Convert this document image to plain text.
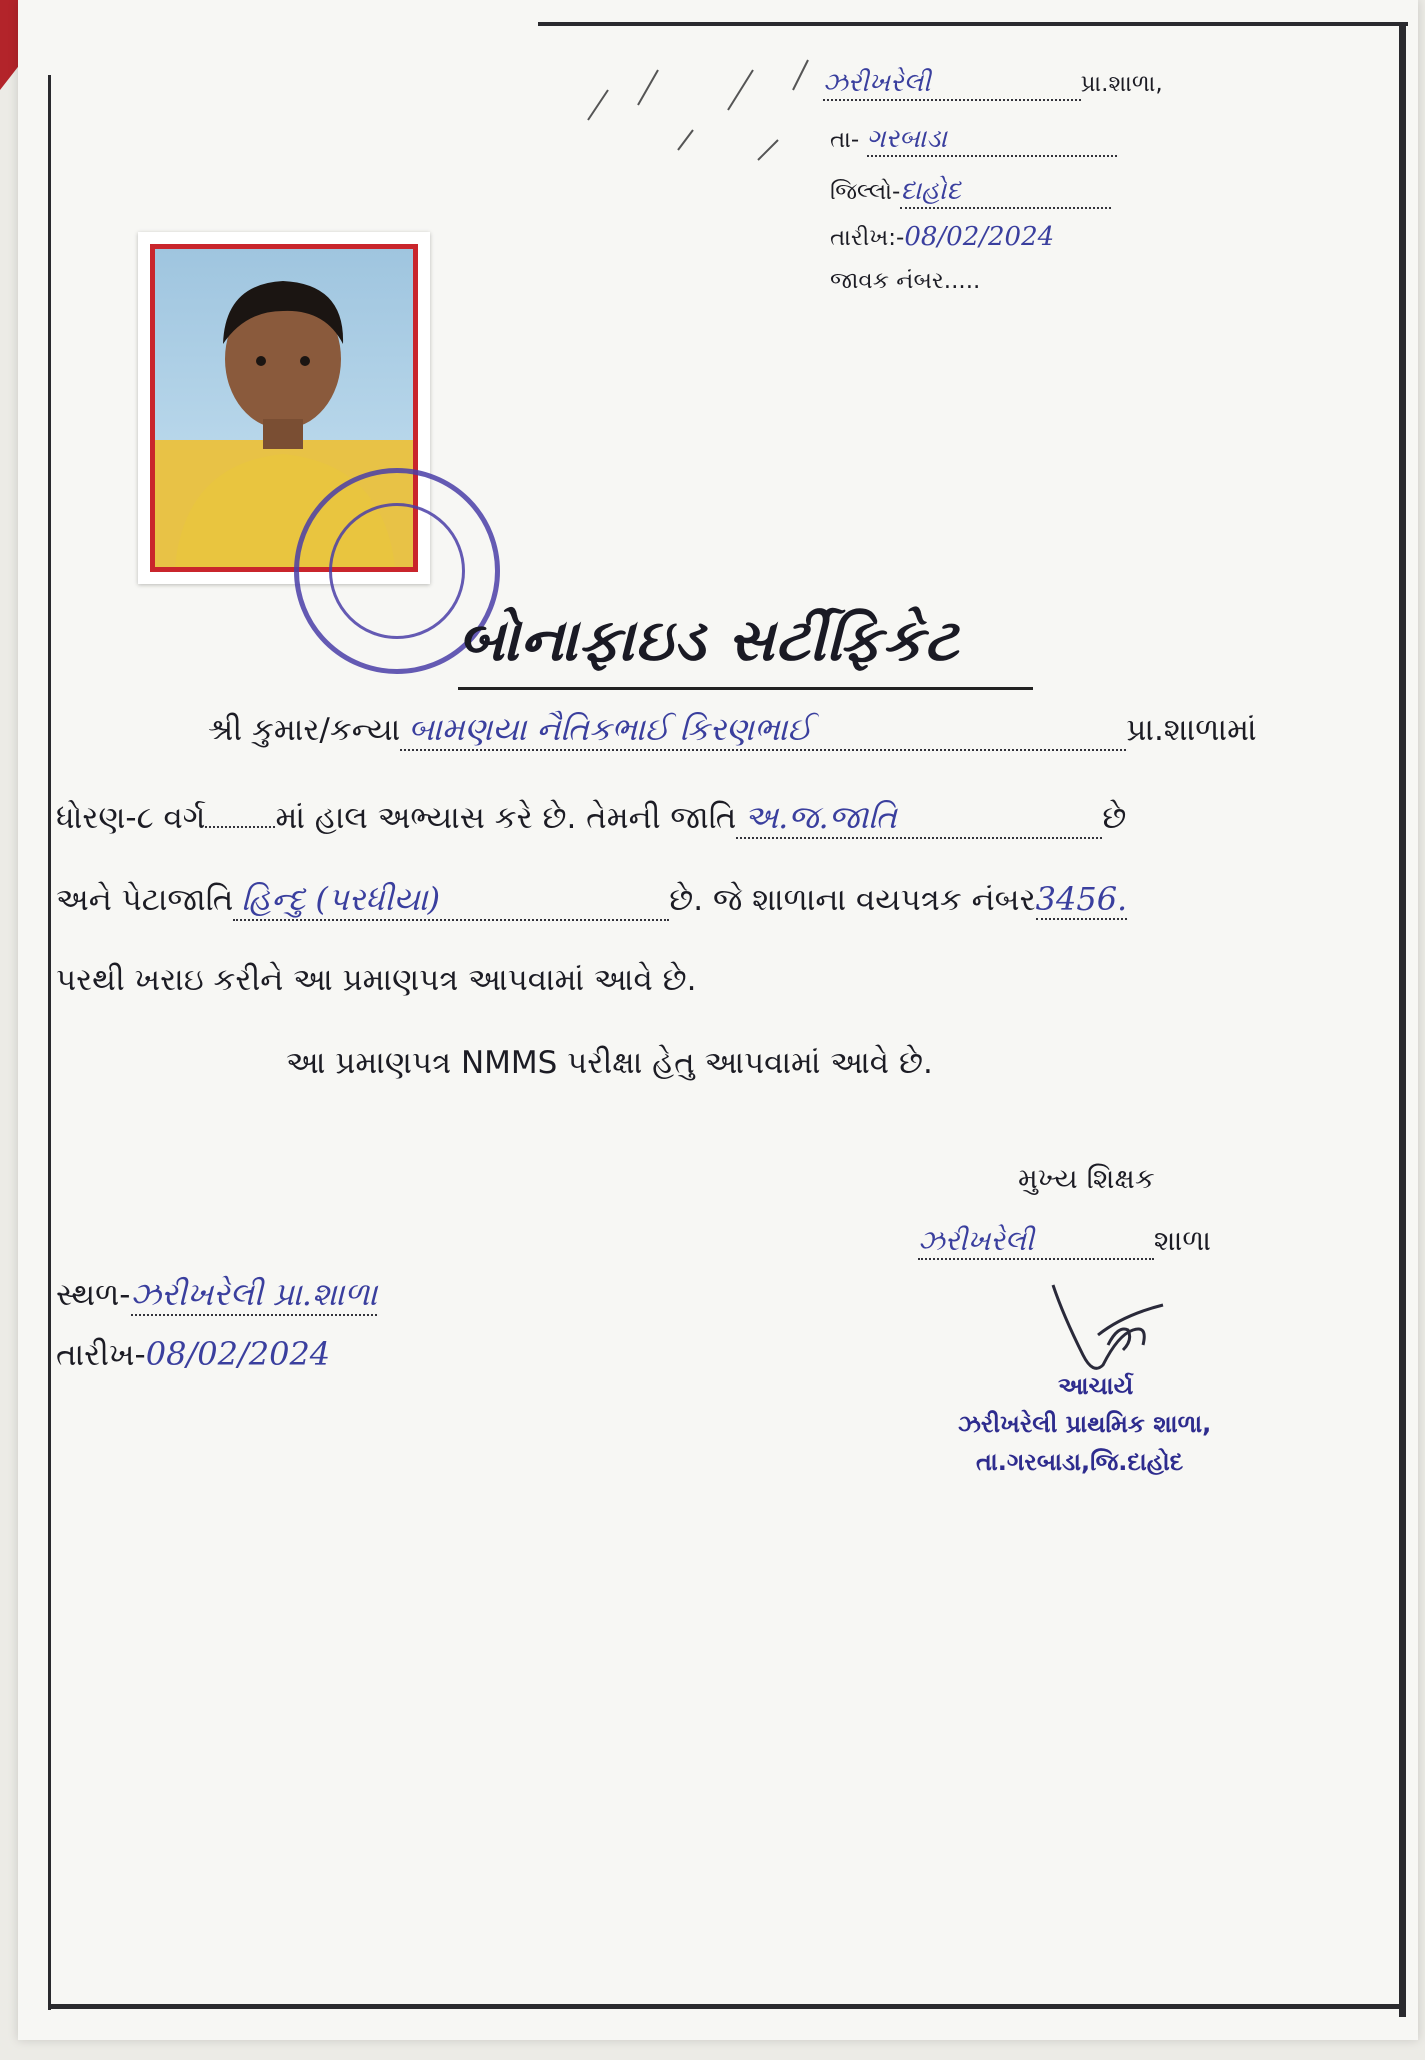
ઝરીખરેલી	પ્રા.શાળા,
તા- ગરબાડા
જિલ્લો-દાહોદ
તારીખ:-08/02/2024
જાવક નંબર.....
બોનાફાઇડ સર્ટીફિકેટ
શ્રી કુમાર/કન્યા બામણયા નૈતિકભાઈ કિરણભાઈ	પ્રા.શાળામાં
ધોરણ-૮ વર્ગ માં હાલ અભ્યાસ કરે છે. તેમની જાતિ અ.જ.જાતિ	છે
અને પેટાજાતિ હિન્દુ (પરધીયા)	છે. જે શાળાના વયપત્રક નંબર3456.
પરથી ખરાઇ કરીને આ પ્રમાણપત્ર આપવામાં આવે છે.
આ પ્રમાણપત્ર NMMS પરીક્ષા હેતુ આપવામાં આવે છે.
મુખ્ય શિક્ષક
ઝરીખરેલી	શાળા
આચાર્ય
ઝરીખરેલી પ્રાથમિક શાળા,
તા.ગરબાડા,જિ.દાહોદ
સ્થળ-ઝરીખરેલી પ્રા.શાળા
તારીખ-08/02/2024
